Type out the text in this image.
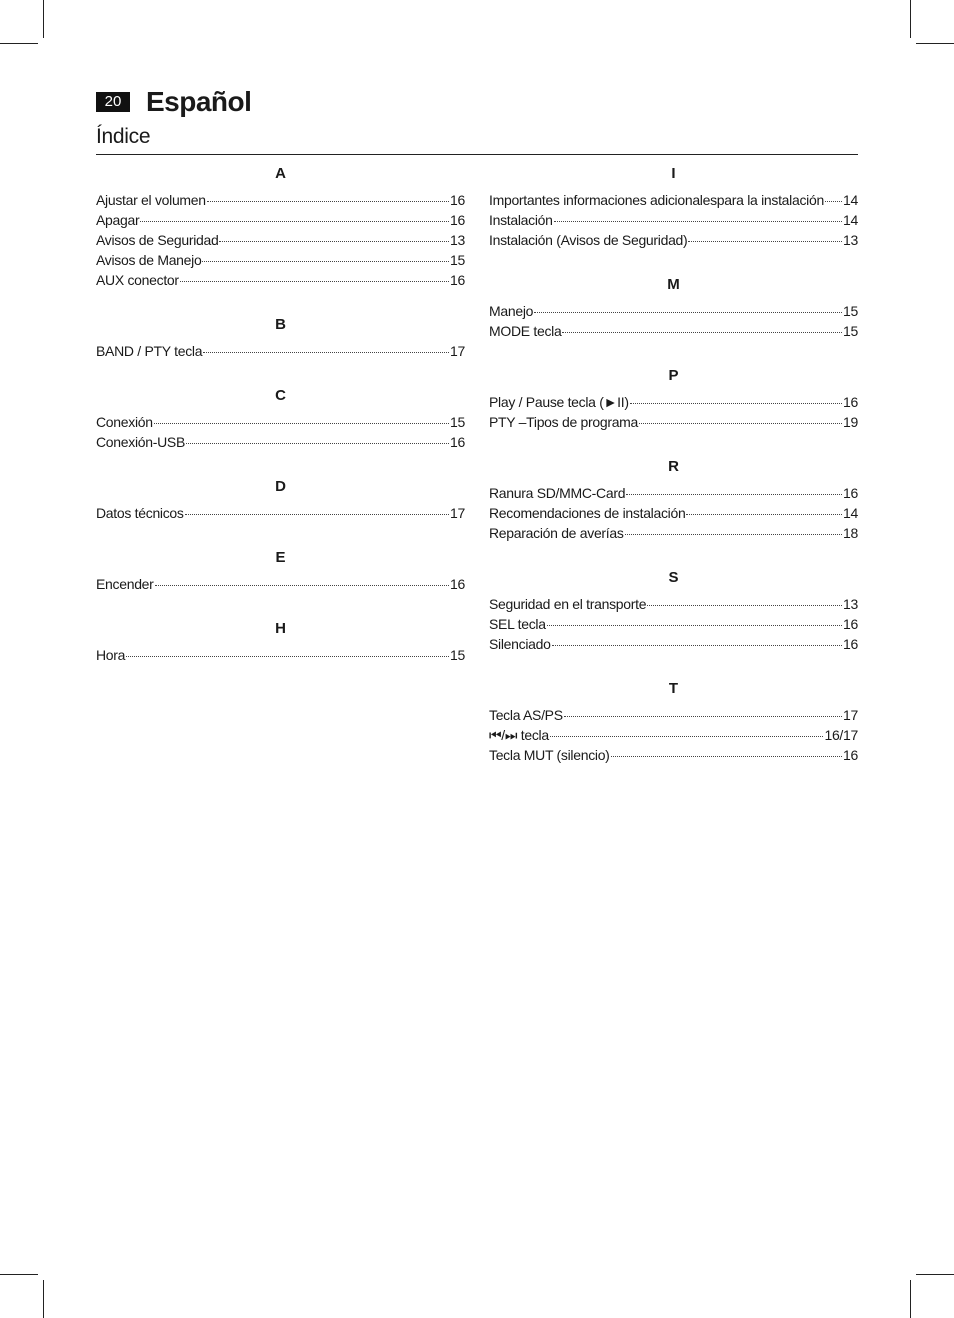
20 Español
Índice
A
Ajustar el volumen	16
Apagar	16
Avisos de Seguridad	13
Avisos de Manejo	15
AUX conector	16
B
BAND / PTY tecla	17
C
Conexión	15
Conexión-USB	16
D
Datos técnicos	17
E
Encender	16
H
Hora	15
I
Importantes informaciones adicionalespara la instalación 14
Instalación	14
Instalación (Avisos de Seguridad)	13
M
Manejo	15
MODE tecla	15
P
Play / Pause tecla (►II)	16
PTY –Tipos de programa	19
R
Ranura SD/MMC-Card	16
Recomendaciones de instalación	14
Reparación de averías	18
S
Seguridad en el transporte	13
SEL tecla	16
Silenciado	16
T
Tecla AS/PS	17
⏮/⏭ tecla	16/17
Tecla MUT (silencio)	16
